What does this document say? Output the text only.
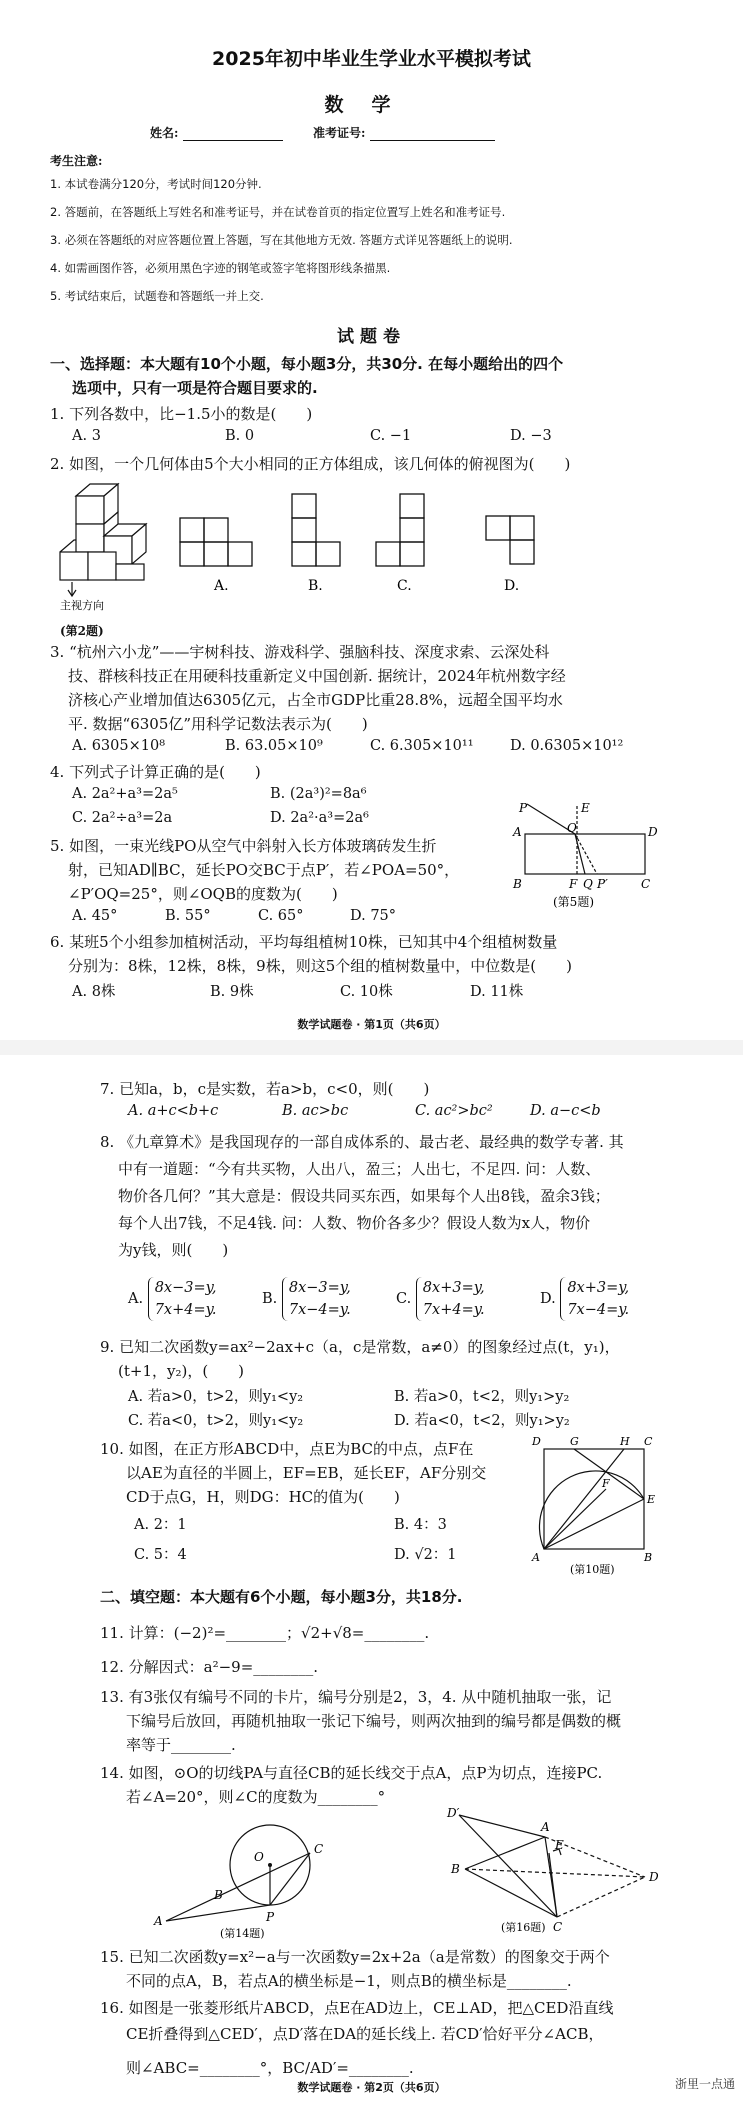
2025年初中毕业生学业水平模拟考试
数学
姓名:	准考证号:
考生注意:
1. 本试卷满分120分，考试时间120分钟.
2. 答题前，在答题纸上写姓名和准考证号，并在试卷首页的指定位置写上姓名和准考证号.
3. 必须在答题纸的对应答题位置上答题，写在其他地方无效. 答题方式详见答题纸上的说明.
4. 如需画图作答，必须用黑色字迹的钢笔或签字笔将图形线条描黑.
5. 考试结束后，试题卷和答题纸一并上交.
试题卷
一、选择题：本大题有10个小题，每小题3分，共30分. 在每小题给出的四个
选项中，只有一项是符合题目要求的.
1. 下列各数中，比−1.5小的数是(　　)
A. 3	B. 0	C. −1	D. −3
2. 如图，一个几何体由5个大小相同的正方体组成，该几何体的俯视图为(　　)
主视方向
A.	B.	C.	D.
(第2题)
3. “杭州六小龙”——宇树科技、游戏科学、强脑科技、深度求索、云深处科
技、群核科技正在用硬科技重新定义中国创新. 据统计，2024年杭州数字经
济核心产业增加值达6305亿元，占全市GDP比重28.8%，远超全国平均水
平. 数据“6305亿”用科学记数法表示为(　　)
A. 6305×10⁸	B. 63.05×10⁹	C. 6.305×10¹¹	D. 0.6305×10¹²
4. 下列式子计算正确的是(　　)
A. 2a²+a³=2a⁵	B. (2a³)²=8a⁶
C. 2a²÷a³=2a	D. 2a²·a³=2a⁶
5. 如图，一束光线PO从空气中斜射入长方体玻璃砖发生折
射，已知AD∥BC，延长PO交BC于点P′，若∠POA=50°，
∠P′OQ=25°，则∠OQB的度数为(　　)
A. 45°	B. 55°	C. 65°	D. 75°
P	E
A	O	D
B	F Q P′	C
(第5题)
6. 某班5个小组参加植树活动，平均每组植树10株，已知其中4个组植树数量
分别为：8株，12株，8株，9株，则这5个组的植树数量中，中位数是(　　)
A. 8株	B. 9株	C. 10株	D. 11株
数学试题卷 · 第1页（共6页）
7. 已知a，b，c是实数，若a>b，c<0，则(　　)
A. a+c<b+c	B. ac>bc	C. ac²>bc²	D. a−c<b
8. 《九章算术》是我国现存的一部自成体系的、最古老、最经典的数学专著. 其
中有一道题：“今有共买物，人出八，盈三；人出七，不足四. 问：人数、
物价各几何？”其大意是：假设共同买东西，如果每个人出8钱，盈余3钱；
每个人出7钱，不足4钱. 问：人数、物价各多少？假设人数为x人，物价
为y钱，则(　　)
A. 8x−3=y,
7x+4=y.
B. 8x−3=y,
7x−4=y.
C. 8x+3=y,
7x+4=y.
D. 8x+3=y,
7x−4=y.
9. 已知二次函数y=ax²−2ax+c（a，c是常数，a≠0）的图象经过点(t，y₁)，
(t+1，y₂)，(　　)
A. 若a>0，t>2，则y₁<y₂	B. 若a>0，t<2，则y₁>y₂
C. 若a<0，t>2，则y₁<y₂	D. 若a<0，t<2，则y₁>y₂
10. 如图，在正方形ABCD中，点E为BC的中点，点F在
以AE为直径的半圆上，EF=EB，延长EF，AF分别交
CD于点G，H，则DG：HC的值为(　　)
A. 2：1	B. 4：3
C. 5：4	D. √2：1
D	G	H C
F
E
A	B
(第10题)
二、填空题：本大题有6个小题，每小题3分，共18分.
11. 计算：(−2)²=________；√2+√8=________.
12. 分解因式：a²−9=________.
13. 有3张仅有编号不同的卡片，编号分别是2，3，4. 从中随机抽取一张，记
下编号后放回，再随机抽取一张记下编号，则两次抽到的编号都是偶数的概
率等于________.
14. 如图，⊙O的切线PA与直径CB的延长线交于点A，点P为切点，连接PC.
若∠A=20°，则∠C的度数为________°
O
C
B
A	P
(第14题)
D′
A
E
D
B
C
(第16题)
15. 已知二次函数y=x²−a与一次函数y=2x+2a（a是常数）的图象交于两个
不同的点A，B，若点A的横坐标是−1，则点B的横坐标是________.
16. 如图是一张菱形纸片ABCD，点E在AD边上，CE⊥AD，把△CED沿直线
CE折叠得到△CED′，点D′落在DA的延长线上. 若CD′恰好平分∠ACB，
则∠ABC=________°，BC/AD′=________.
数学试题卷 · 第2页（共6页）	浙里一点通
